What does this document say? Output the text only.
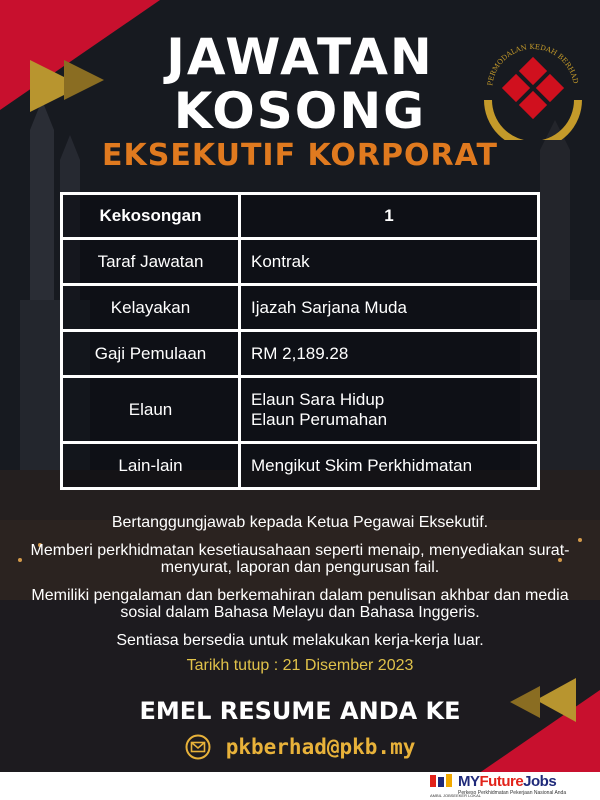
JAWATAN
KOSONG
EKSEKUTIF KORPORAT
PERMODALAN KEDAH BERHAD
Kekosongan	1
Taraf Jawatan	Kontrak
Kelayakan	Ijazah Sarjana Muda
Gaji Pemulaan	RM 2,189.28
Elaun	Elaun Sara Hidup
Elaun Perumahan

Lain-lain	Mengikut Skim Perkhidmatan

Bertanggungjawab kepada Ketua Pegawai Eksekutif.

Memberi perkhidmatan kesetiausahaan seperti menaip, menyediakan surat-menyurat, laporan dan pengurusan fail.

Memiliki pengalaman dan berkemahiran dalam penulisan akhbar dan media sosial dalam Bahasa Melayu dan Bahasa Inggeris.

Sentiasa bersedia untuk melakukan kerja-kerja luar.

Tarikh tutup : 21 Disember 2023
EMEL RESUME ANDA KE
pkberhad@pkb.my
MYFutureJobs
Perkeso Perkhidmatan Pekerjaan Nasional Anda
AMBIL JOBSEEKER LOKAL
